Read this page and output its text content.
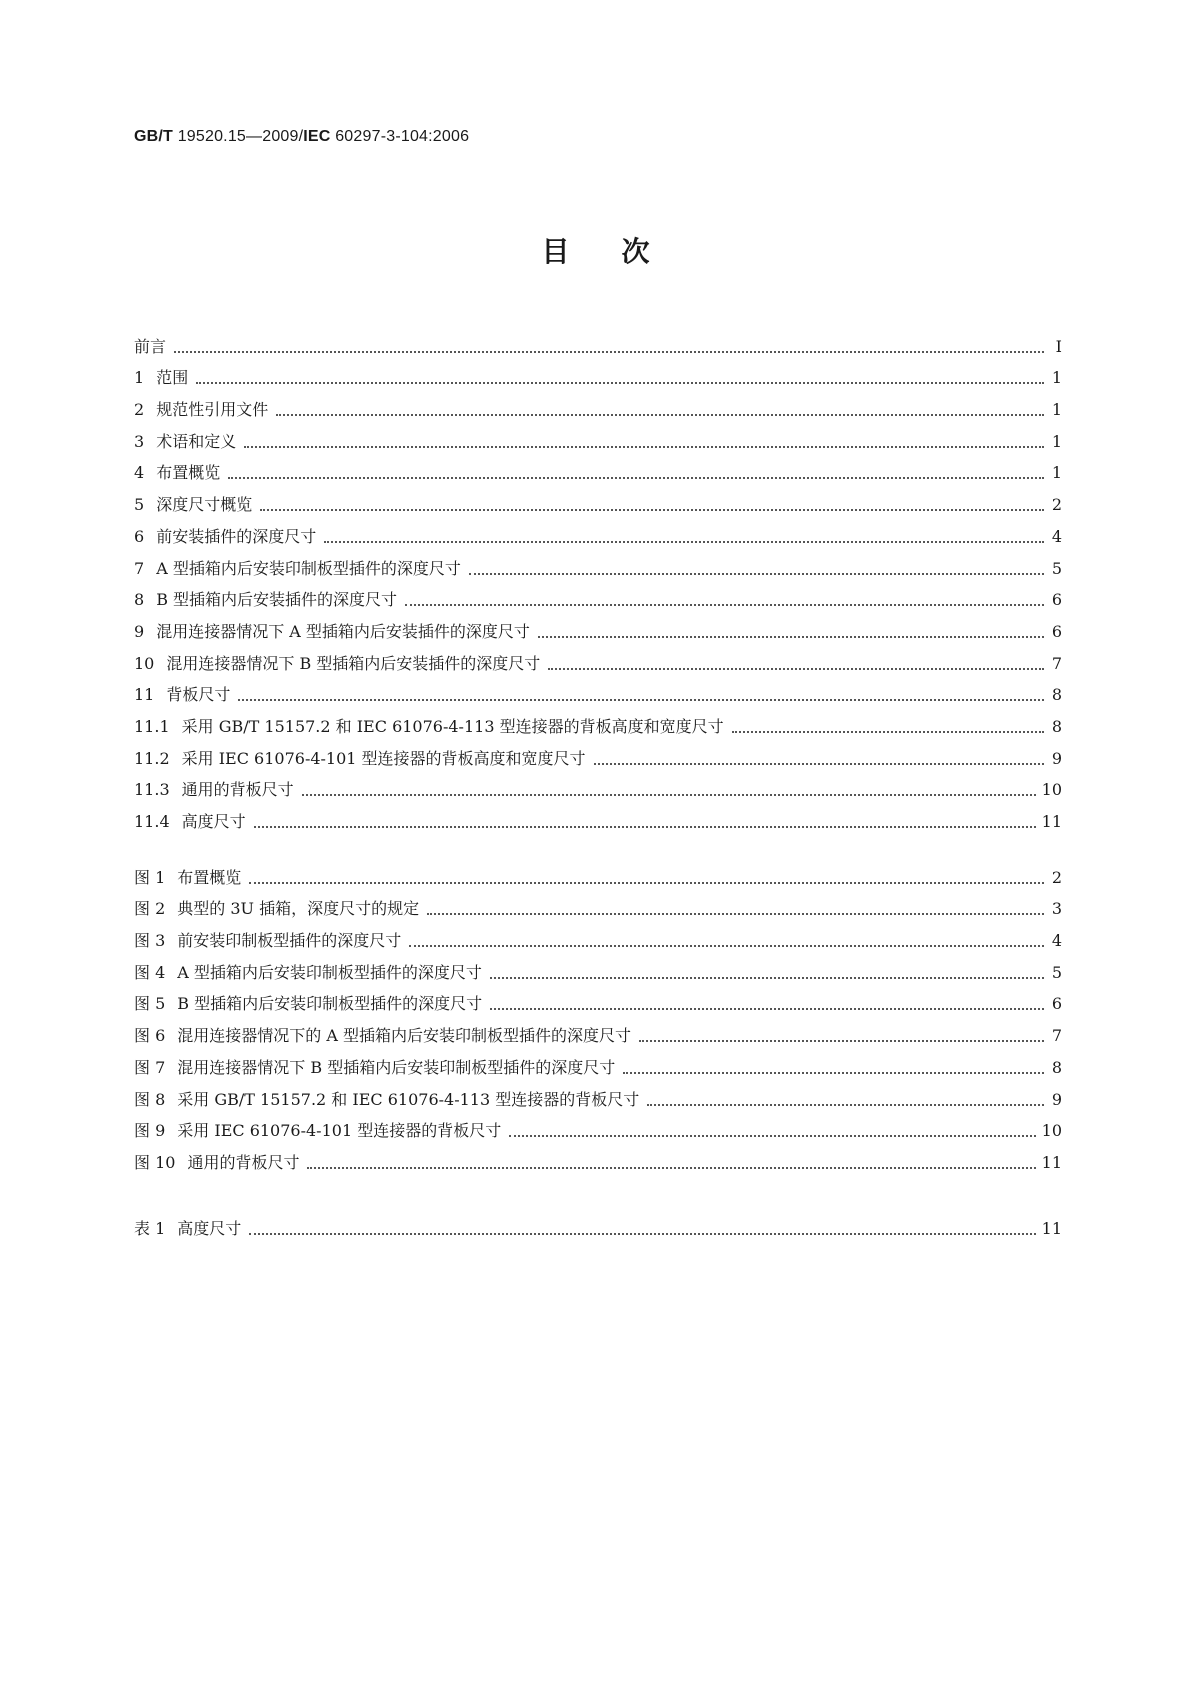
GB/T 19520.15—2009/IEC 60297-3-104:2006
目次
前言	Ⅰ
1 范围	1
2 规范性引用文件	1
3 术语和定义	1
4 布置概览	1
5 深度尺寸概览	2
6 前安装插件的深度尺寸	4
7 A 型插箱内后安装印制板型插件的深度尺寸	5
8 B 型插箱内后安装插件的深度尺寸	6
9 混用连接器情况下 A 型插箱内后安装插件的深度尺寸	6
10 混用连接器情况下 B 型插箱内后安装插件的深度尺寸	7
11 背板尺寸	8
11.1 采用 GB/T 15157.2 和 IEC 61076-4-113 型连接器的背板高度和宽度尺寸	8
11.2 采用 IEC 61076-4-101 型连接器的背板高度和宽度尺寸	9
11.3 通用的背板尺寸	10
11.4 高度尺寸	11
图 1 布置概览	2
图 2 典型的 3U 插箱，深度尺寸的规定	3
图 3 前安装印制板型插件的深度尺寸	4
图 4 A 型插箱内后安装印制板型插件的深度尺寸	5
图 5 B 型插箱内后安装印制板型插件的深度尺寸	6
图 6 混用连接器情况下的 A 型插箱内后安装印制板型插件的深度尺寸	7
图 7 混用连接器情况下 B 型插箱内后安装印制板型插件的深度尺寸	8
图 8 采用 GB/T 15157.2 和 IEC 61076-4-113 型连接器的背板尺寸	9
图 9 采用 IEC 61076-4-101 型连接器的背板尺寸	10
图 10 通用的背板尺寸	11
表 1 高度尺寸	11
